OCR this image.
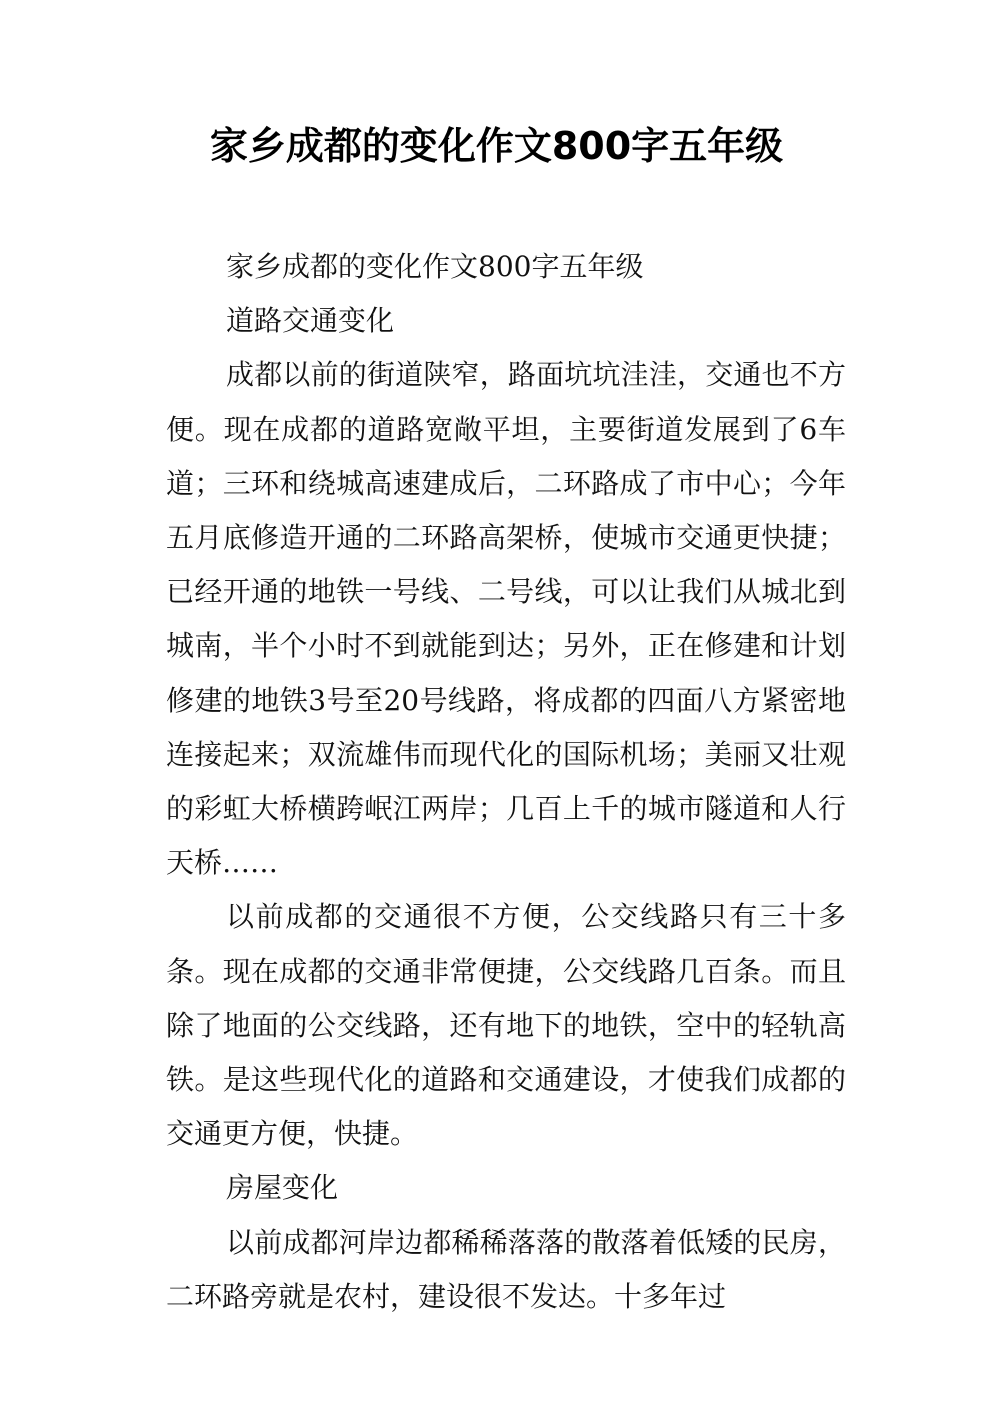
家乡成都的变化作文800字五年级

家乡成都的变化作文800字五年级

道路交通变化

成都以前的街道陕窄，路面坑坑洼洼，交通也不方便。现在成都的道路宽敞平坦，主要街道发展到了6车道；三环和绕城高速建成后，二环路成了市中心；今年五月底修造开通的二环路高架桥，使城市交通更快捷；已经开通的地铁一号线、二号线，可以让我们从城北到城南，半个小时不到就能到达；另外，正在修建和计划修建的地铁3号至20号线路，将成都的四面八方紧密地连接起来；双流雄伟而现代化的国际机场；美丽又壮观的彩虹大桥横跨岷江两岸；几百上千的城市隧道和人行天桥……

以前成都的交通很不方便，公交线路只有三十多条。现在成都的交通非常便捷，公交线路几百条。而且除了地面的公交线路，还有地下的地铁，空中的轻轨高铁。是这些现代化的道路和交通建设，才使我们成都的交通更方便，快捷。

房屋变化

以前成都河岸边都稀稀落落的散落着低矮的民房，二环路旁就是农村，建设很不发达。十多年过
